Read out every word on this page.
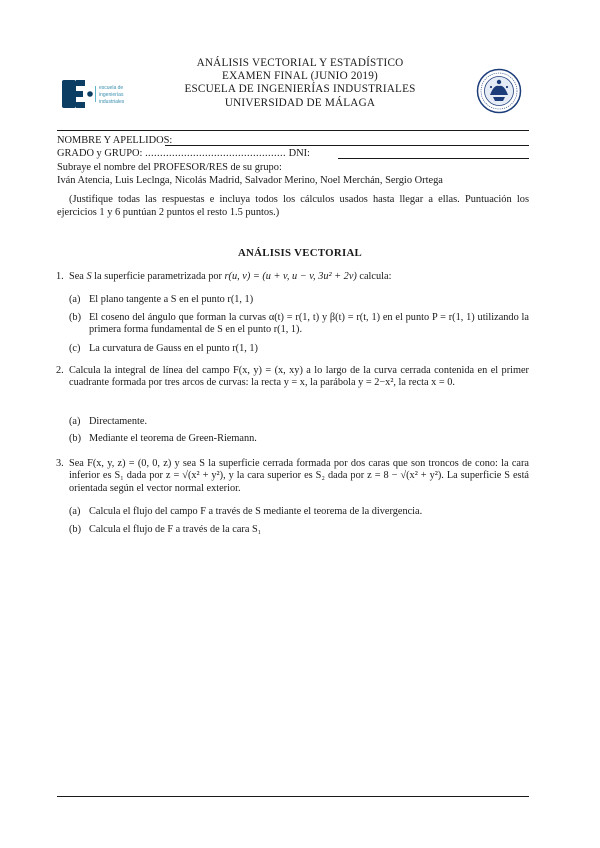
escuela de
ingenierías
industriales
ANÁLISIS VECTORIAL Y ESTADÍSTICO
EXAMEN FINAL (JUNIO 2019)
ESCUELA DE INGENIERÍAS INDUSTRIALES
UNIVERSIDAD DE MÁLAGA
NOMBRE Y APELLIDOS:
GRADO y GRUPO: ............................................... DNI:
Subraye el nombre del PROFESOR/RES de su grupo:
Iván Atencia, Luis Leclnga, Nicolás Madrid, Salvador Merino, Noel Merchán, Sergio Ortega
(Justifique todas las respuestas e incluya todos los cálculos usados hasta llegar a ellas. Puntuación los ejercicios 1 y 6 puntúan 2 puntos el resto 1.5 puntos.)
ANÁLISIS VECTORIAL
1. Sea S la superficie parametrizada por r(u, v) = (u + v, u − v, 3u² + 2v) calcula:
(a) El plano tangente a S en el punto r(1, 1)
(b) El coseno del ángulo que forman la curvas α(t) = r(1, t) y β(t) = r(t, 1) en el punto P = r(1, 1) utilizando la primera forma fundamental de S en el punto r(1, 1).
(c) La curvatura de Gauss en el punto r(1, 1)
2. Calcula la integral de línea del campo F(x, y) = (x, xy) a lo largo de la curva cerrada contenida en el primer cuadrante formada por tres arcos de curvas: la recta y = x, la parábola y = 2−x², la recta x = 0.
(a) Directamente.
(b) Mediante el teorema de Green-Riemann.
3. Sea F(x, y, z) = (0, 0, z) y sea S la superficie cerrada formada por dos caras que son troncos de cono: la cara inferior es S₁ dada por z = √(x² + y²), y la cara superior es S₂ dada por z = 8 − √(x² + y²). La superficie S está orientada según el vector normal exterior.
(a) Calcula el flujo del campo F a través de S mediante el teorema de la divergencia.
(b) Calcula el flujo de F a través de la cara S₁
